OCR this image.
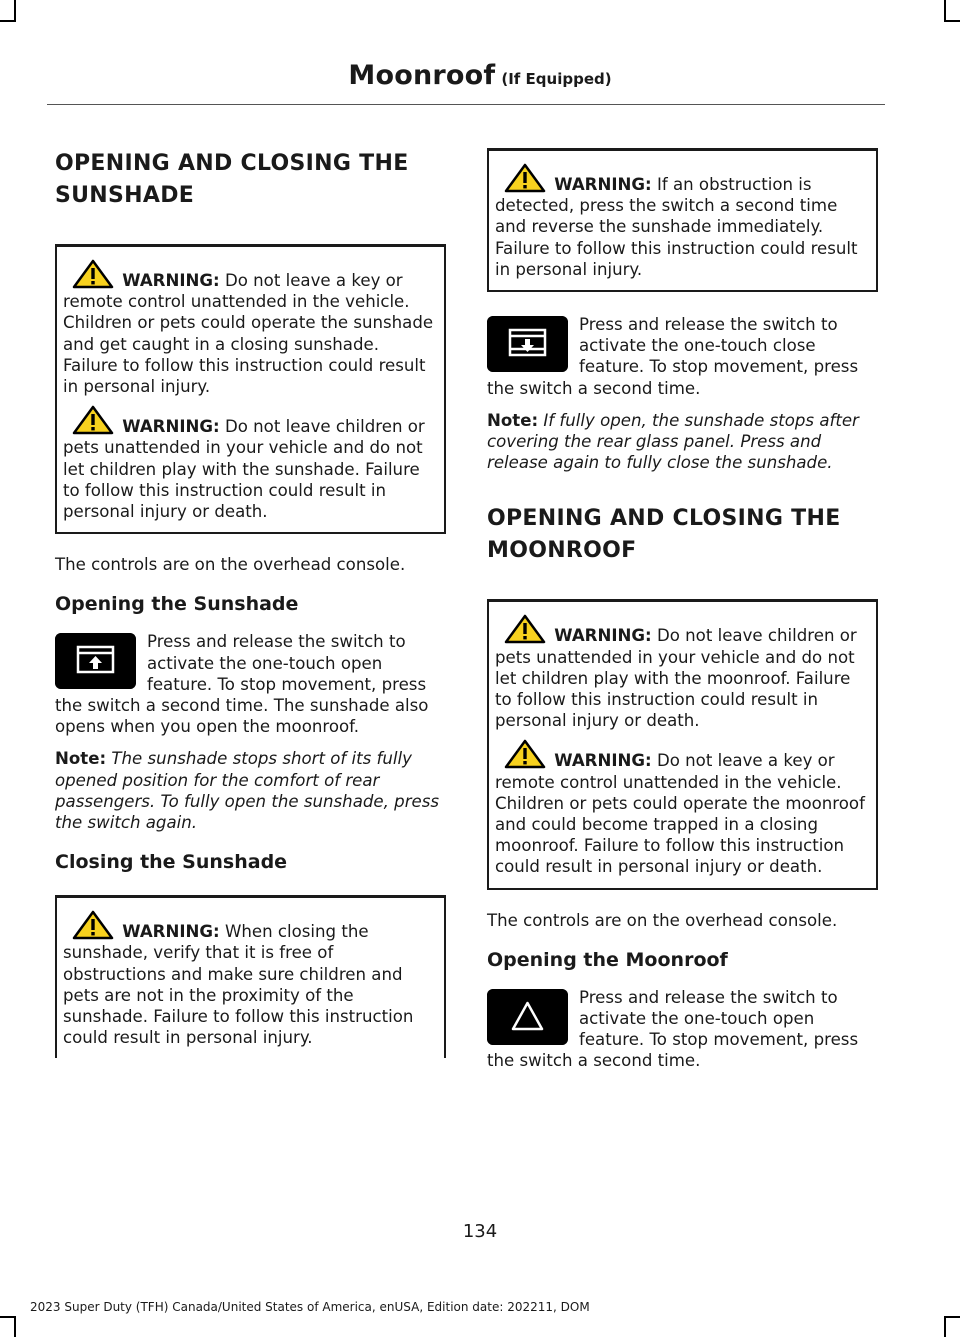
Moonroof (If Equipped)
OPENING AND CLOSING THE SUNSHADE

WARNING: Do not leave a key or remote control unattended in the vehicle. Children or pets could operate the sunshade and get caught in a closing sunshade. Failure to follow this instruction could result in personal injury.

WARNING: Do not leave children or pets unattended in your vehicle and do not let children play with the sunshade. Failure to follow this instruction could result in personal injury or death.

The controls are on the overhead console.

Opening the Sunshade

Press and release the switch to activate the one-touch open feature. To stop movement, press the switch a second time. The sunshade also opens when you open the moonroof.

Note: The sunshade stops short of its fully opened position for the comfort of rear passengers. To fully open the sunshade, press the switch again.

Closing the Sunshade

WARNING: When closing the sunshade, verify that it is free of obstructions and make sure children and pets are not in the proximity of the sunshade. Failure to follow this instruction could result in personal injury.

WARNING: If an obstruction is detected, press the switch a second time and reverse the sunshade immediately. Failure to follow this instruction could result in personal injury.

Press and release the switch to activate the one-touch close feature. To stop movement, press the switch a second time.

Note: If fully open, the sunshade stops after covering the rear glass panel. Press and release again to fully close the sunshade.

OPENING AND CLOSING THE MOONROOF

WARNING: Do not leave children or pets unattended in your vehicle and do not let children play with the moonroof. Failure to follow this instruction could result in personal injury or death.

WARNING: Do not leave a key or remote control unattended in the vehicle. Children or pets could operate the moonroof and could become trapped in a closing moonroof. Failure to follow this instruction could result in personal injury or death.

The controls are on the overhead console.

Opening the Moonroof

Press and release the switch to activate the one-touch open feature. To stop movement, press the switch a second time.

134
2023 Super Duty (TFH) Canada/United States of America, enUSA, Edition date: 202211, DOM
